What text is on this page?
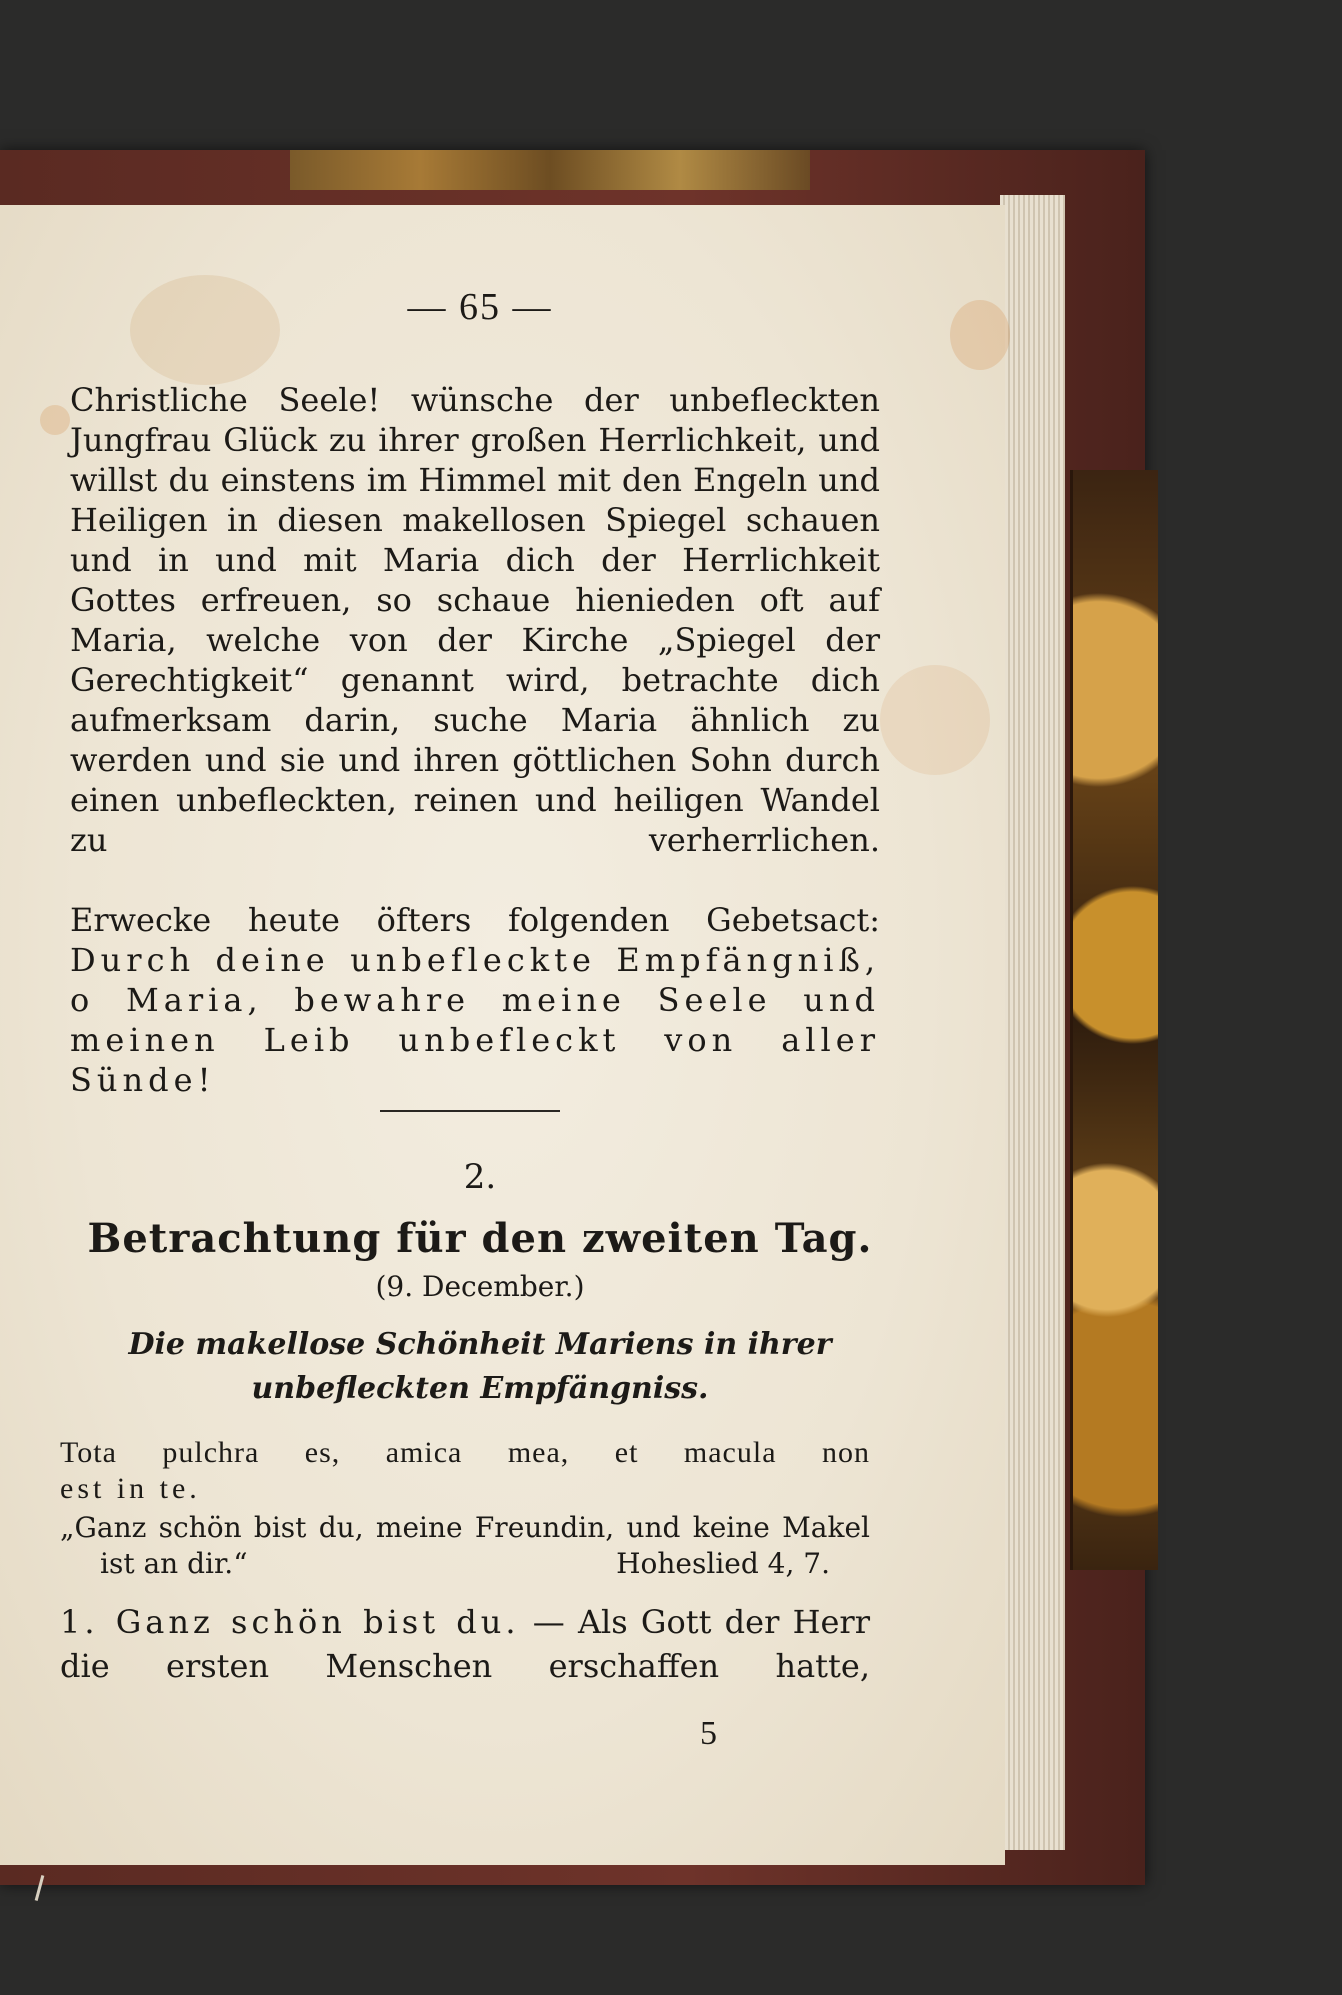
— 65 —
Christliche Seele! wünsche der unbefleckten Jungfrau Glück zu ihrer großen Herrlichkeit, und willst du einstens im Himmel mit den Engeln und Heiligen in diesen makellosen Spiegel schauen und in und mit Maria dich der Herrlichkeit Gottes erfreuen, so schaue hienieden oft auf Maria, welche von der Kirche „Spiegel der Gerechtigkeit“ genannt wird, betrachte dich aufmerksam darin, suche Maria ähnlich zu werden und sie und ihren göttlichen Sohn durch einen unbefleckten, reinen und heiligen Wandel zu verherrlichen.
Erwecke heute öfters folgenden Gebetsact: Durch deine unbefleckte Empfängniß, o Maria, bewahre meine Seele und meinen Leib unbefleckt von aller Sünde!
2.
Betrachtung für den zweiten Tag.
(9. December.)
Die makellose Schönheit Mariens in ihrer
unbefleckten Empfängniss.
Tota pulchra es, amica mea, et macula non
est in te.
„Ganz schön bist du, meine Freundin, und keine Makel
ist an dir.“	Hoheslied 4, 7.
1. Ganz schön bist du. — Als Gott der Herr die ersten Menschen erschaffen hatte,
5
